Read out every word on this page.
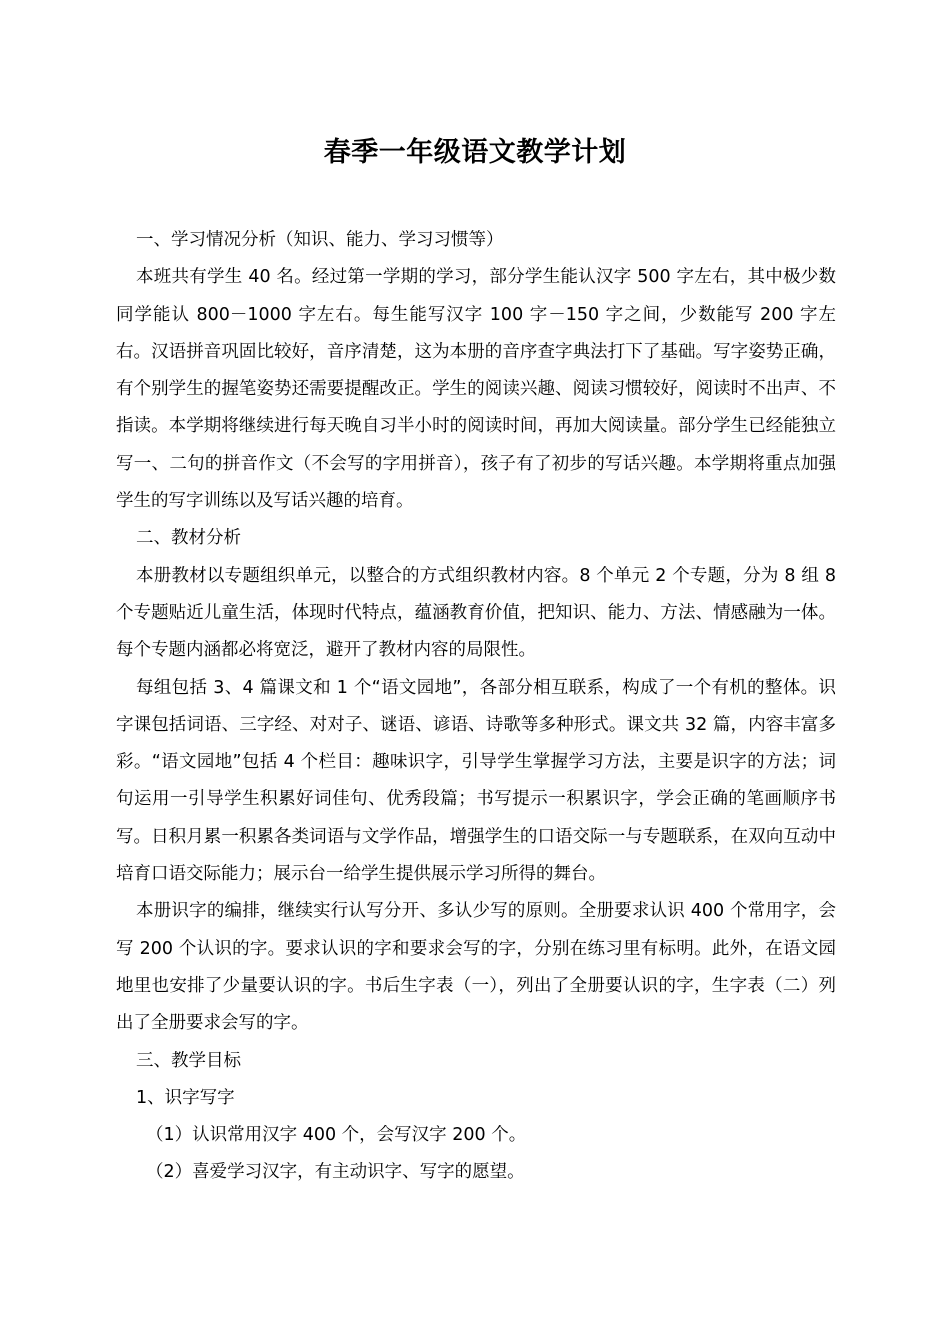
春季一年级语文教学计划

一、学习情况分析（知识、能力、学习习惯等）

本班共有学生 40 名。经过第一学期的学习，部分学生能认汉字 500 字左右，其中极少数同学能认 800－1000 字左右。每生能写汉字 100 字－150 字之间，少数能写 200 字左右。汉语拼音巩固比较好，音序清楚，这为本册的音序查字典法打下了基础。写字姿势正确，有个别学生的握笔姿势还需要提醒改正。学生的阅读兴趣、阅读习惯较好，阅读时不出声、不指读。本学期将继续进行每天晚自习半小时的阅读时间，再加大阅读量。部分学生已经能独立写一、二句的拼音作文（不会写的字用拼音），孩子有了初步的写话兴趣。本学期将重点加强学生的写字训练以及写话兴趣的培育。

二、教材分析

本册教材以专题组织单元，以整合的方式组织教材内容。8 个单元 2 个专题，分为 8 组 8 个专题贴近儿童生活，体现时代特点，蕴涵教育价值，把知识、能力、方法、情感融为一体。每个专题内涵都必将宽泛，避开了教材内容的局限性。

每组包括 3、4 篇课文和 1 个“语文园地”，各部分相互联系，构成了一个有机的整体。识字课包括词语、三字经、对对子、谜语、谚语、诗歌等多种形式。课文共 32 篇，内容丰富多彩。“语文园地”包括 4 个栏目：趣味识字，引导学生掌握学习方法，主要是识字的方法；词句运用一引导学生积累好词佳句、优秀段篇；书写提示一积累识字，学会正确的笔画顺序书写。日积月累一积累各类词语与文学作品，增强学生的口语交际一与专题联系，在双向互动中培育口语交际能力；展示台一给学生提供展示学习所得的舞台。

本册识字的编排，继续实行认写分开、多认少写的原则。全册要求认识 400 个常用字，会写 200 个认识的字。要求认识的字和要求会写的字，分别在练习里有标明。此外，在语文园地里也安排了少量要认识的字。书后生字表（一），列出了全册要认识的字，生字表（二）列出了全册要求会写的字。

三、教学目标

1、识字写字

（1）认识常用汉字 400 个，会写汉字 200 个。

（2）喜爱学习汉字，有主动识字、写字的愿望。
